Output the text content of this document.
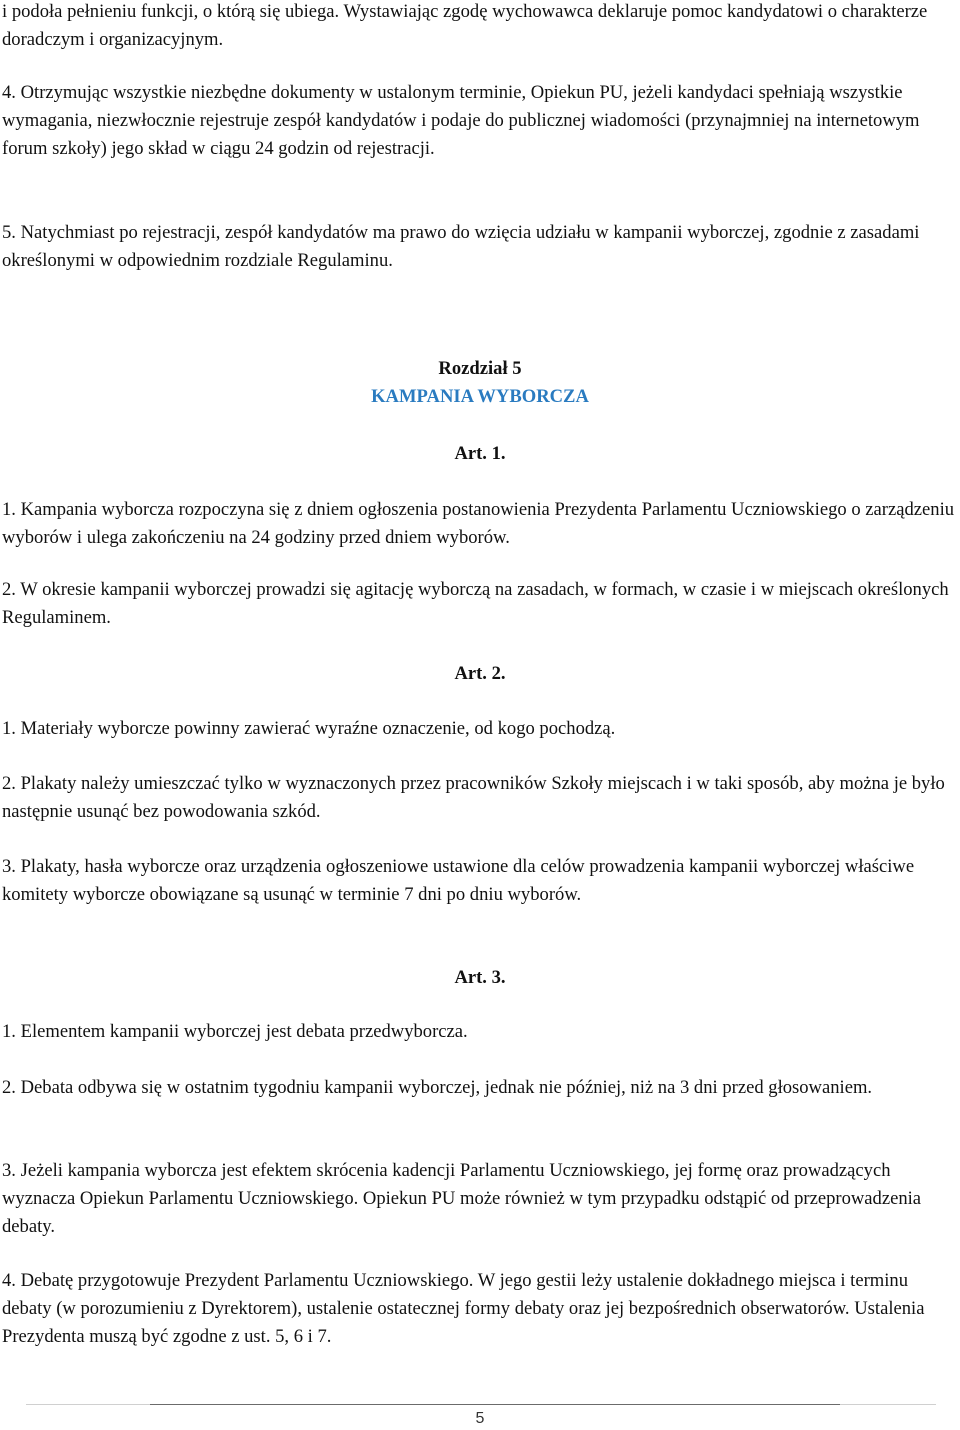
i podoła pełnieniu funkcji, o którą się ubiega. Wystawiając zgodę wychowawca deklaruje pomoc kandydatowi o charakterze doradczym i organizacyjnym.

4. Otrzymując wszystkie niezbędne dokumenty w ustalonym terminie, Opiekun PU, jeżeli kandydaci spełniają wszystkie wymagania, niezwłocznie rejestruje zespół kandydatów i podaje do publicznej wiadomości (przynajmniej na internetowym forum szkoły) jego skład w ciągu 24 godzin od rejestracji.

5. Natychmiast po rejestracji, zespół kandydatów ma prawo do wzięcia udziału w kampanii wyborczej, zgodnie z zasadami określonymi w odpowiednim rozdziale Regulaminu.

Rozdział 5

KAMPANIA WYBORCZA

Art. 1.

1. Kampania wyborcza rozpoczyna się z dniem ogłoszenia postanowienia Prezydenta Parlamentu Uczniowskiego o zarządzeniu wyborów i ulega zakończeniu na 24 godziny przed dniem wyborów.

2. W okresie kampanii wyborczej prowadzi się agitację wyborczą na zasadach, w formach, w czasie i w miejscach określonych Regulaminem.

Art. 2.

1. Materiały wyborcze powinny zawierać wyraźne oznaczenie, od kogo pochodzą.

2. Plakaty należy umieszczać tylko w wyznaczonych przez pracowników Szkoły miejscach i w taki sposób, aby można je było następnie usunąć bez powodowania szkód.

3. Plakaty, hasła wyborcze oraz urządzenia ogłoszeniowe ustawione dla celów prowadzenia kampanii wyborczej właściwe komitety wyborcze obowiązane są usunąć w terminie 7 dni po dniu wyborów.

Art. 3.

1. Elementem kampanii wyborczej jest debata przedwyborcza.

2. Debata odbywa się w ostatnim tygodniu kampanii wyborczej, jednak nie później, niż na 3 dni przed głosowaniem.

3. Jeżeli kampania wyborcza jest efektem skrócenia kadencji Parlamentu Uczniowskiego, jej formę oraz prowadzących wyznacza Opiekun Parlamentu Uczniowskiego. Opiekun PU może również w tym przypadku odstąpić od przeprowadzenia debaty.

4. Debatę przygotowuje Prezydent Parlamentu Uczniowskiego. W jego gestii leży ustalenie dokładnego miejsca i terminu debaty (w porozumieniu z Dyrektorem), ustalenie ostatecznej formy debaty oraz jej bezpośrednich obserwatorów. Ustalenia Prezydenta muszą być zgodne z ust. 5, 6 i 7.

5
